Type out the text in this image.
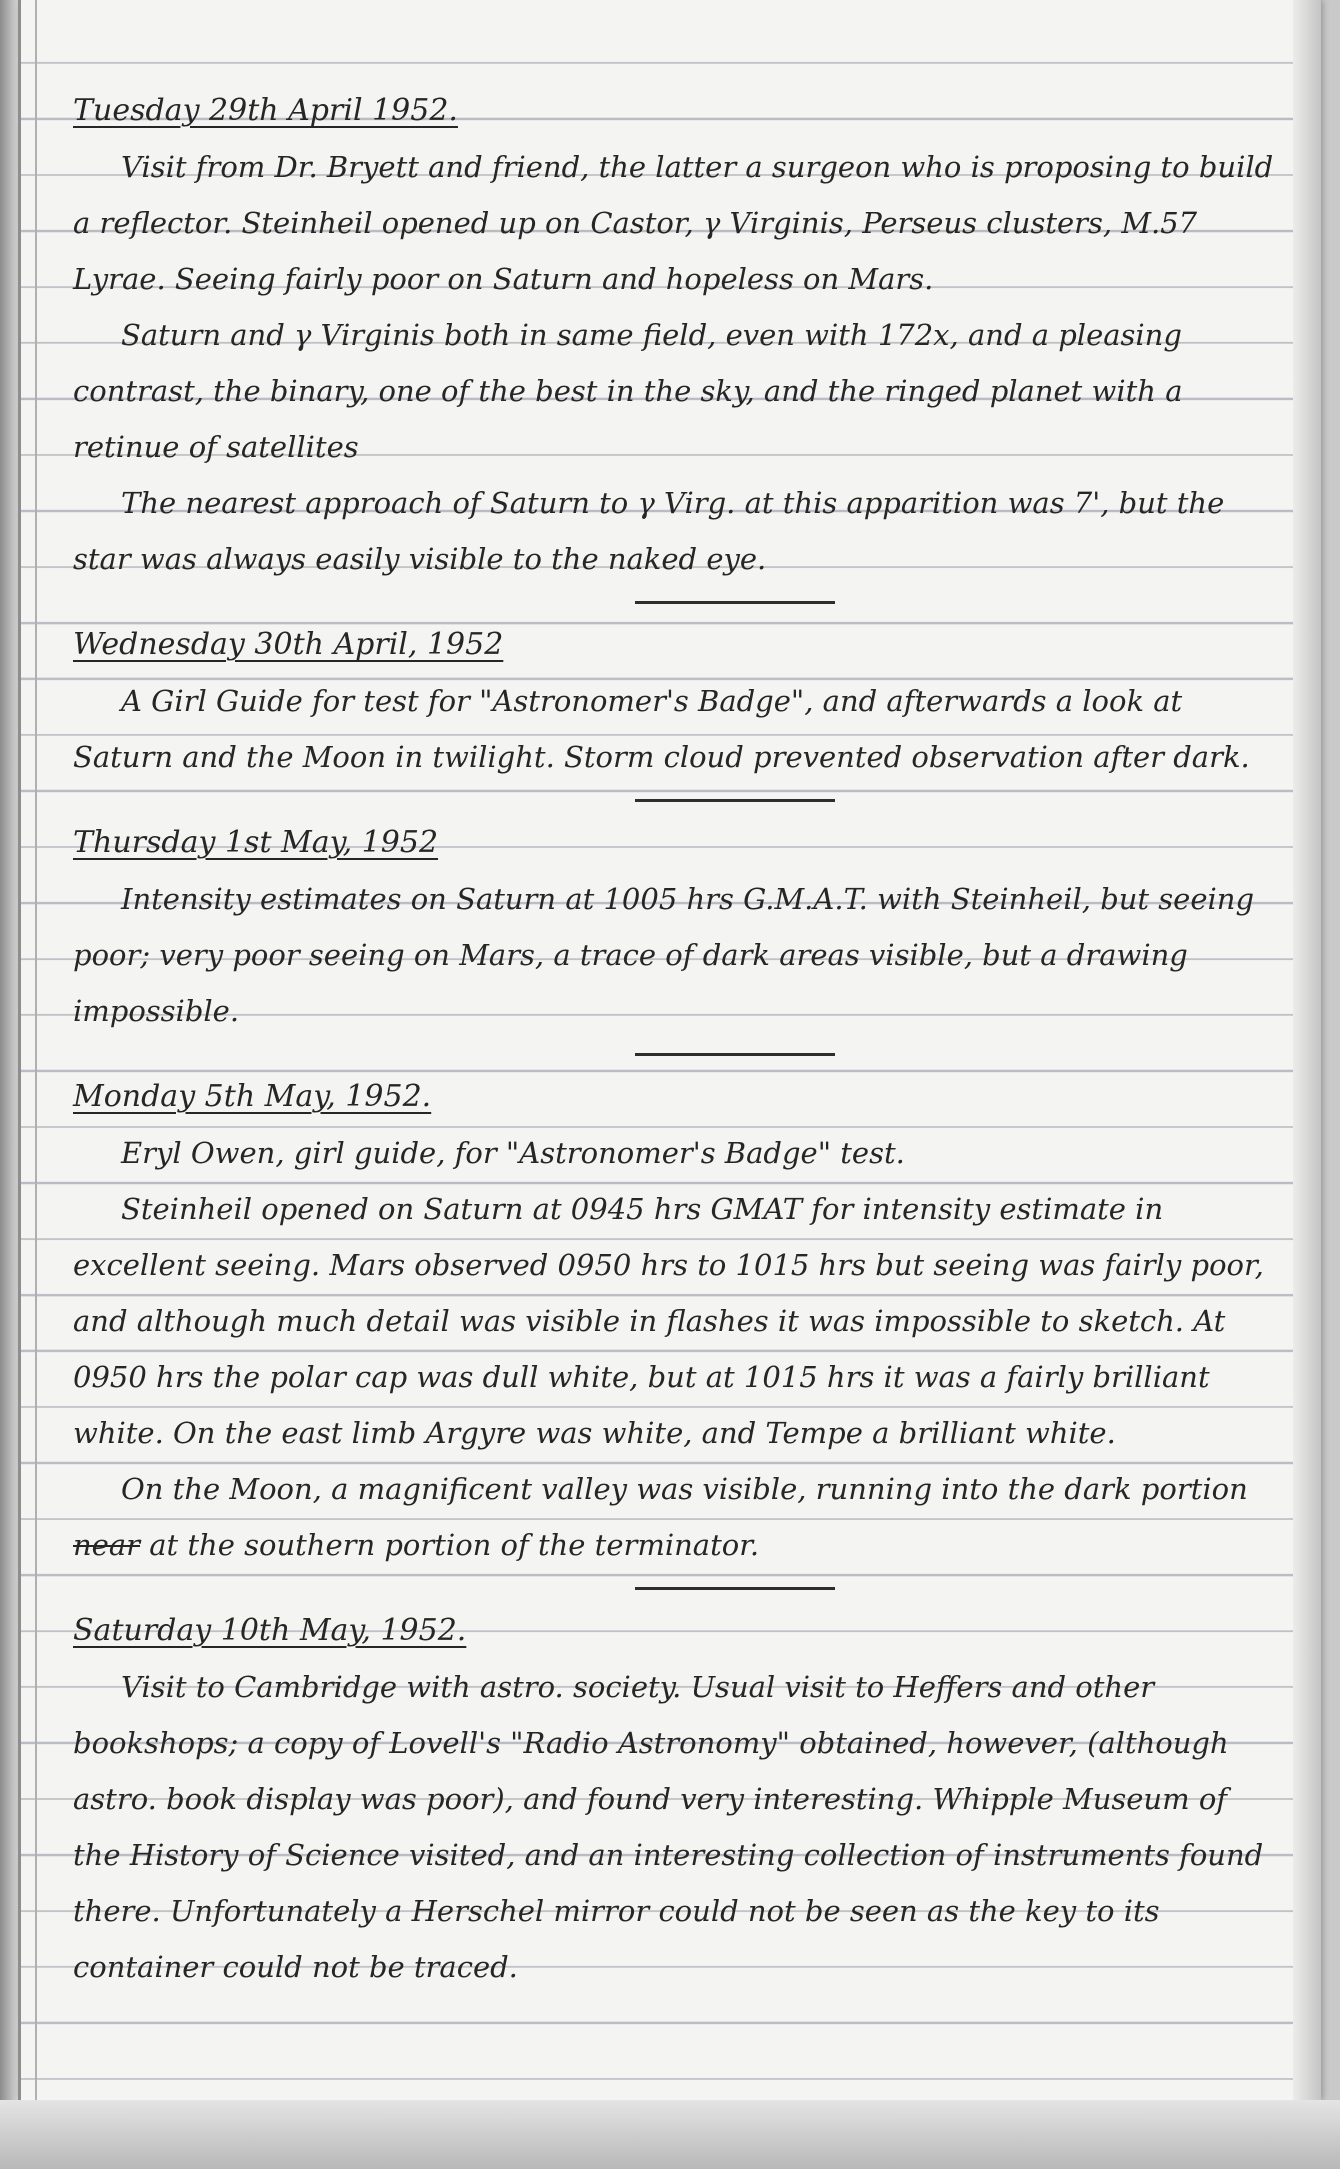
Tuesday 29th April 1952.

Visit from Dr. Bryett and friend, the latter a surgeon who is proposing to build a reflector. Steinheil opened up on Castor, γ Virginis, Perseus clusters, M.57 Lyrae. Seeing fairly poor on Saturn and hopeless on Mars.

Saturn and γ Virginis both in same field, even with 172x, and a pleasing contrast, the binary, one of the best in the sky, and the ringed planet with a retinue of satellites

The nearest approach of Saturn to γ Virg. at this apparition was 7', but the star was always easily visible to the naked eye.

Wednesday 30th April, 1952

A Girl Guide for test for "Astronomer's Badge", and afterwards a look at Saturn and the Moon in twilight. Storm cloud prevented observation after dark.

Thursday 1st May, 1952

Intensity estimates on Saturn at 1005 hrs G.M.A.T. with Steinheil, but seeing poor; very poor seeing on Mars, a trace of dark areas visible, but a drawing impossible.

Monday 5th May, 1952.

Eryl Owen, girl guide, for "Astronomer's Badge" test.

Steinheil opened on Saturn at 0945 hrs GMAT for intensity estimate in excellent seeing. Mars observed 0950 hrs to 1015 hrs but seeing was fairly poor, and although much detail was visible in flashes it was impossible to sketch. At 0950 hrs the polar cap was dull white, but at 1015 hrs it was a fairly brilliant white. On the east limb Argyre was white, and Tempe a brilliant white.

On the Moon, a magnificent valley was visible, running into the dark portion near at the southern portion of the terminator.

Saturday 10th May, 1952.

Visit to Cambridge with astro. society. Usual visit to Heffers and other bookshops; a copy of Lovell's "Radio Astronomy" obtained, however, (although astro. book display was poor), and found very interesting. Whipple Museum of the History of Science visited, and an interesting collection of instruments found there. Unfortunately a Herschel mirror could not be seen as the key to its container could not be traced.
